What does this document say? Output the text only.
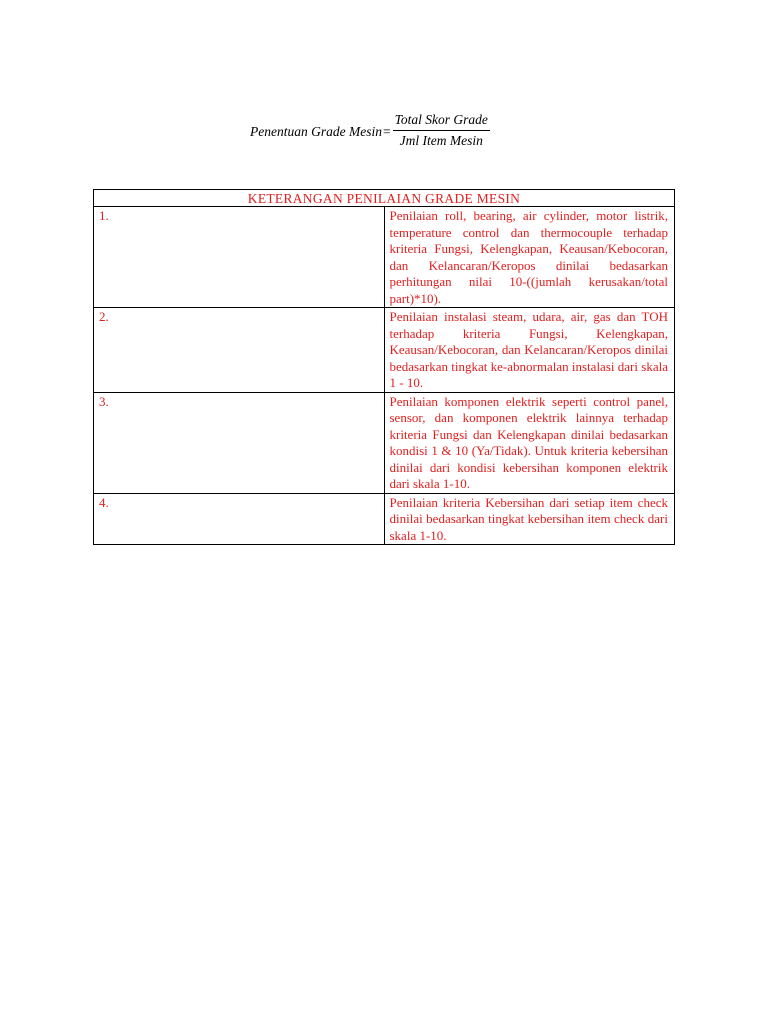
Penentuan Grade $Mesin = \frac{\text{Total Skor Grade}}{\text{Jml Item Mesin}}$
KETERANGAN PENILAIAN GRADE MESIN	
1.	Penilaian roll, bearing, air cylinder, motor listrik, temperature control dan thermocouple terhadap kriteria Fungsi, Kelengkapan, Keausan/Kebocoran, dan Kelancaran/Keropos dinilai bedasarkan perhitungan nilai 10-((jumlah kerusakan/total part)*10).
2.	Penilaian instalasi steam, udara, air, gas dan TOH terhadap kriteria Fungsi, Kelengkapan, Keausan/Kebocoran, dan Kelancaran/Keropos dinilai bedasarkan tingkat ke-abnormalan instalasi dari skala 1 - 10.
3.	Penilaian komponen elektrik seperti control panel, sensor, dan komponen elektrik lainnya terhadap kriteria Fungsi dan Kelengkapan dinilai bedasarkan kondisi 1 & 10 (Ya/Tidak). Untuk kriteria kebersihan dinilai dari kondisi kebersihan komponen elektrik dari skala 1-10.
4.	Penilaian kriteria Kebersihan dari setiap item check dinilai bedasarkan tingkat kebersihan item check dari skala 1-10.
